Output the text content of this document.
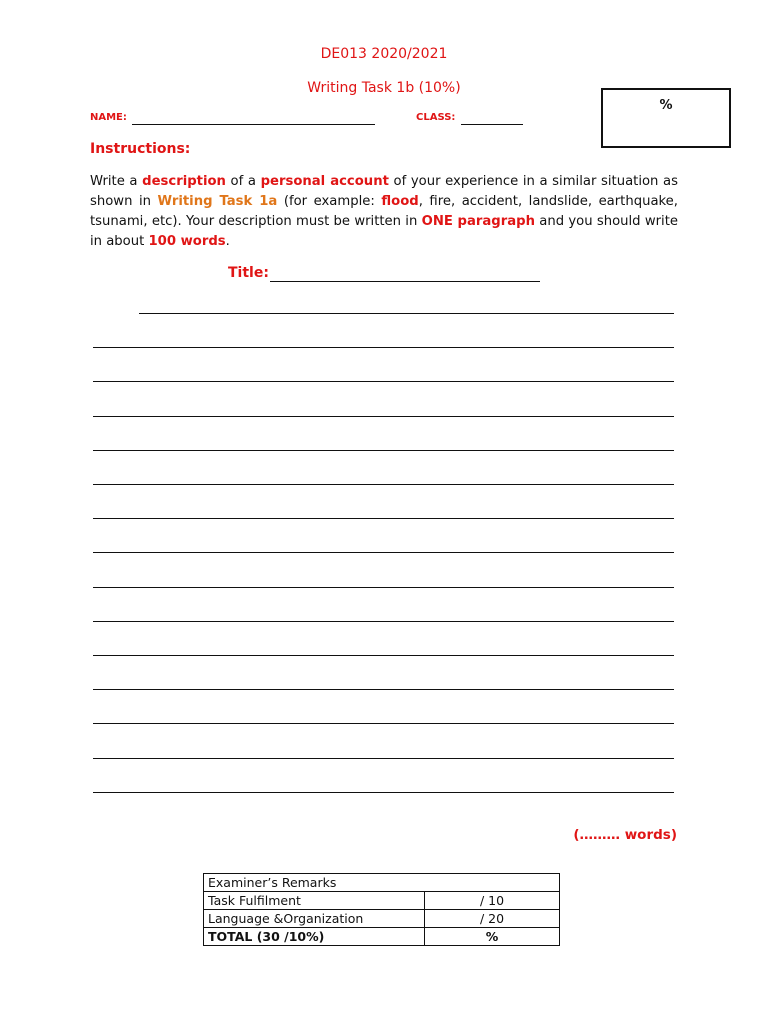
DE013 2020/2021
Writing Task 1b (10%)
%
NAME:	CLASS:
Instructions:
Write a description of a personal account of your experience in a similar situation as shown in Writing Task 1a (for example: flood, fire, accident, landslide, earthquake, tsunami, etc). Your description must be written in ONE paragraph and you should write in about 100 words.
Title:
(……… words)
Examiner’s Remarks	
Task Fulfilment	/ 10
Language &Organization	/ 20
TOTAL (30 /10%)	%
